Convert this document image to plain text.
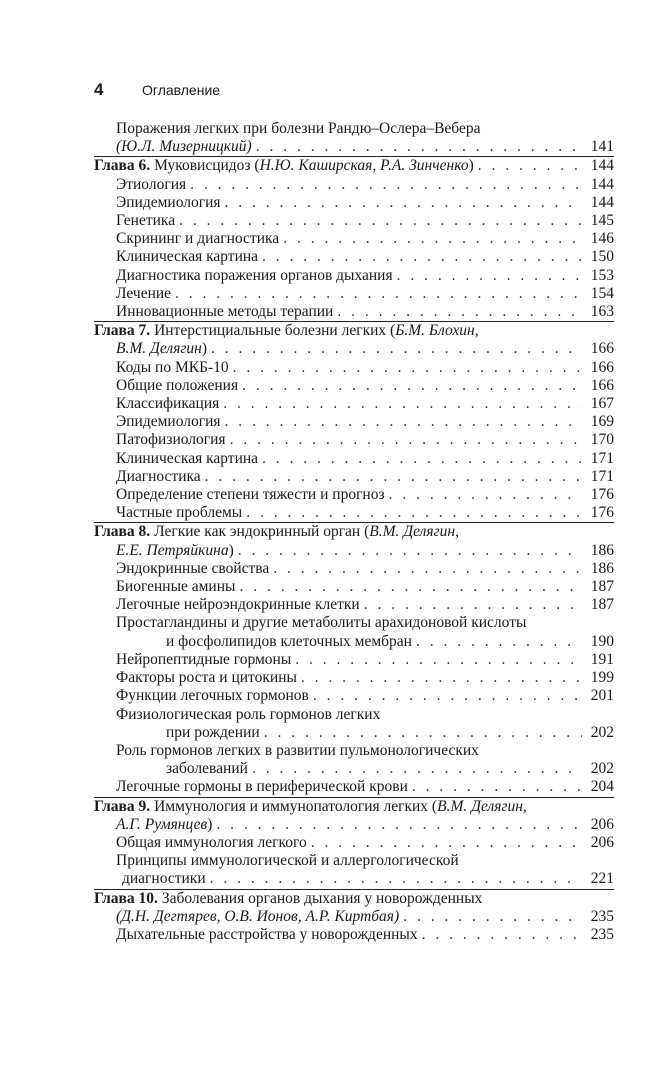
4	Оглавление
Поражения легких при болезни Рандю–Ослера–Вебера
(Ю.Л. Мизерницкий) . . .	141
Глава 6. Муковисцидоз (Н.Ю. Каширская, Р.А. Зинченко) . . .	144
Этиология . . .	144
Эпидемиология . . .	144
Генетика . . .	145
Скрининг и диагностика . . .	146
Клиническая картина . . .	150
Диагностика поражения органов дыхания . . .	153
Лечение . . .	154
Инновационные методы терапии . . .	163
Глава 7. Интерстициальные болезни легких (Б.М. Блохин,
В.М. Делягин) . . .	166
Коды по МКБ-10 . . .	166
Общие положения . . .	166
Классификация . . .	167
Эпидемиология . . .	169
Патофизиология . . .	170
Клиническая картина . . .	171
Диагностика . . .	171
Определение степени тяжести и прогноз . . .	176
Частные проблемы . . .	176
Глава 8. Легкие как эндокринный орган (В.М. Делягин,
Е.Е. Петряйкина) . . .	186
Эндокринные свойства . . .	186
Биогенные амины . . .	187
Легочные нейроэндокринные клетки . . .	187
Простагландины и другие метаболиты арахидоновой кислоты
и фосфолипидов клеточных мембран . . .	190
Нейропептидные гормоны . . .	191
Факторы роста и цитокины . . .	199
Функции легочных гормонов . . .	201
Физиологическая роль гормонов легких
при рождении . . .	202
Роль гормонов легких в развитии пульмонологических
заболеваний . . .	202
Легочные гормоны в периферической крови . . .	204
Глава 9. Иммунология и иммунопатология легких (В.М. Делягин,
А.Г. Румянцев) . . .	206
Общая иммунология легкого . . .	206
Принципы иммунологической и аллергологической
диагностики . . .	221
Глава 10. Заболевания органов дыхания у новорожденных
(Д.Н. Дегтярев, О.В. Ионов, А.Р. Киртбая) . . .	235
Дыхательные расстройства у новорожденных . . .	235
